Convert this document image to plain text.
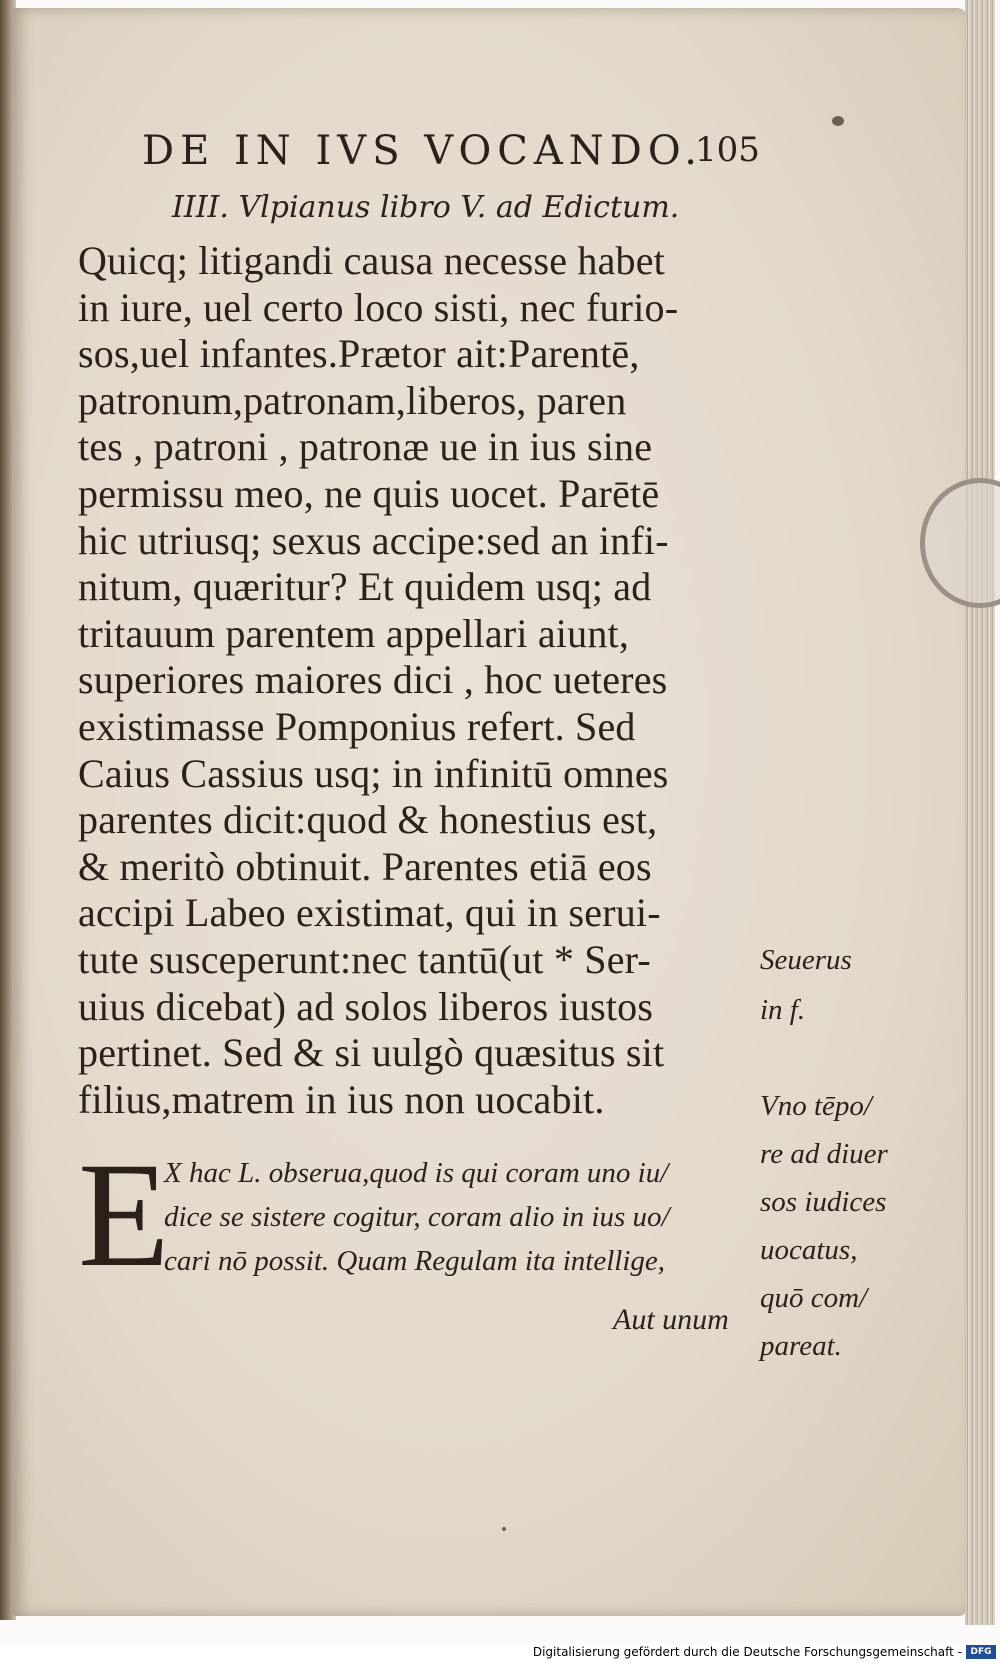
DE IN IVS VOCANDO.
105
IIII. Vlpianus libro V. ad Edictum.
Quicq; litigandi causa necesse habet
in iure, uel certo loco sisti, nec furio-
sos,uel infantes.Prætor ait:Parentē,
patronum,patronam,liberos, paren
tes , patroni , patronæ ue in ius sine
permissu meo, ne quis uocet. Parētē
hic utriusq; sexus accipe:sed an infi-
nitum, quæritur? Et quidem usq; ad
tritauum parentem appellari aiunt,
superiores maiores dici , hoc ueteres
existimasse Pomponius refert. Sed
Caius Cassius usq; in infinitū omnes
parentes dicit:quod & honestius est,
& meritò obtinuit. Parentes etiā eos
accipi Labeo existimat, qui in serui-
tute susceperunt:nec tantū(ut * Ser-
uius dicebat) ad solos liberos iustos
pertinet. Sed & si uulgò quæsitus sit
filius,matrem in ius non uocabit.
E
X hac L. obserua,quod is qui coram uno iu/
dice se sistere cogitur, coram alio in ius uo/
cari nō possit. Quam Regulam ita intellige,
Aut unum
Seuerus
in f.
Vno tēpo/
re ad diuer
sos iudices
uocatus,
quō com/
pareat.
Digitalisierung gefördert durch die Deutsche Forschungsgemeinschaft - DFG
